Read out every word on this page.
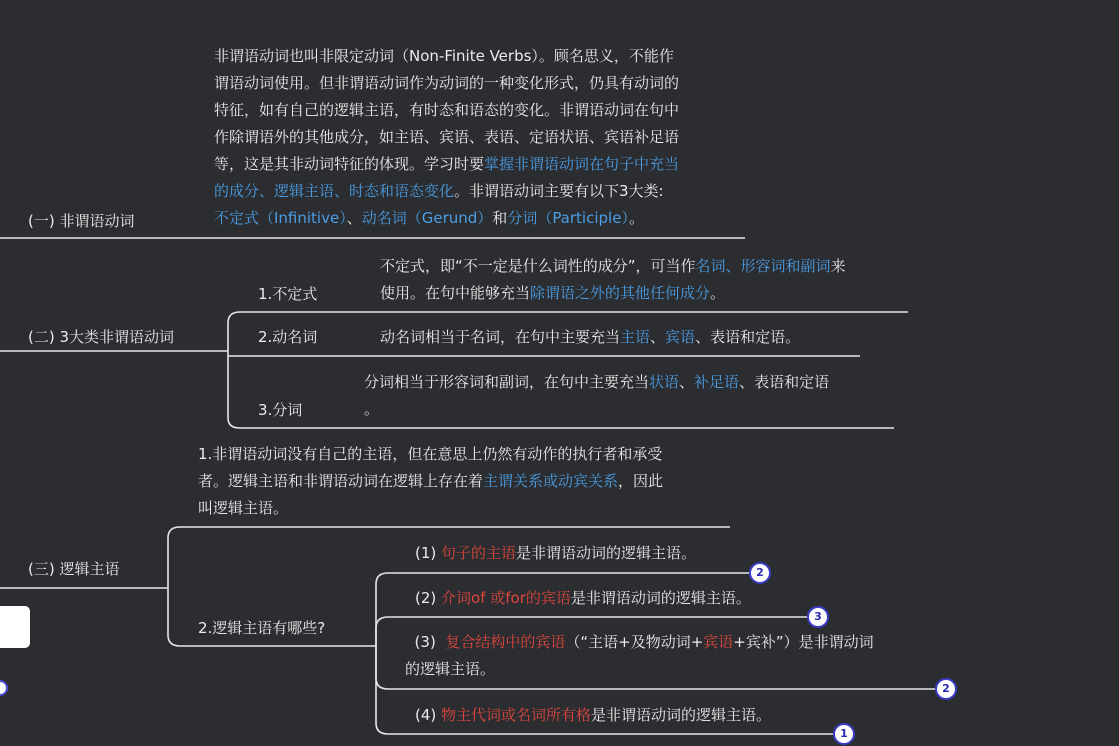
(一) 非谓语动词
(二) 3大类非谓语动词
(三) 逻辑主语
非谓语动词也叫非限定动词（Non-Finite Verbs）。顾名思义，不能作
谓语动词使用。但非谓语动词作为动词的一种变化形式，仍具有动词的
特征，如有自己的逻辑主语，有时态和语态的变化。非谓语动词在句中
作除谓语外的其他成分，如主语、宾语、表语、定语状语、宾语补足语
等，这是其非动词特征的体现。学习时要掌握非谓语动词在句子中充当
的成分、逻辑主语、时态和语态变化。非谓语动词主要有以下3大类:
不定式（Infinitive）、动名词（Gerund）和分词（Participle）。
1.不定式
2.动名词
3.分词
不定式，即“不一定是什么词性的成分”，可当作名词、形容词和副词来
使用。在句中能够充当除谓语之外的其他任何成分。
动名词相当于名词，在句中主要充当主语、宾语、表语和定语。
分词相当于形容词和副词，在句中主要充当状语、补足语、表语和定语
。
1.非谓语动词没有自己的主语，但在意思上仍然有动作的执行者和承受
者。逻辑主语和非谓语动词在逻辑上存在着主谓关系或动宾关系，因此
叫逻辑主语。
2.逻辑主语有哪些?
(1) 句子的主语是非谓语动词的逻辑主语。
(2) 介词of 或for的宾语是非谓语动词的逻辑主语。
(3) 复合结构中的宾语（“主语+及物动词+宾语+宾补”）是非谓动词
的逻辑主语。
(4) 物主代词或名词所有格是非谓语动词的逻辑主语。
2
3
2
1
